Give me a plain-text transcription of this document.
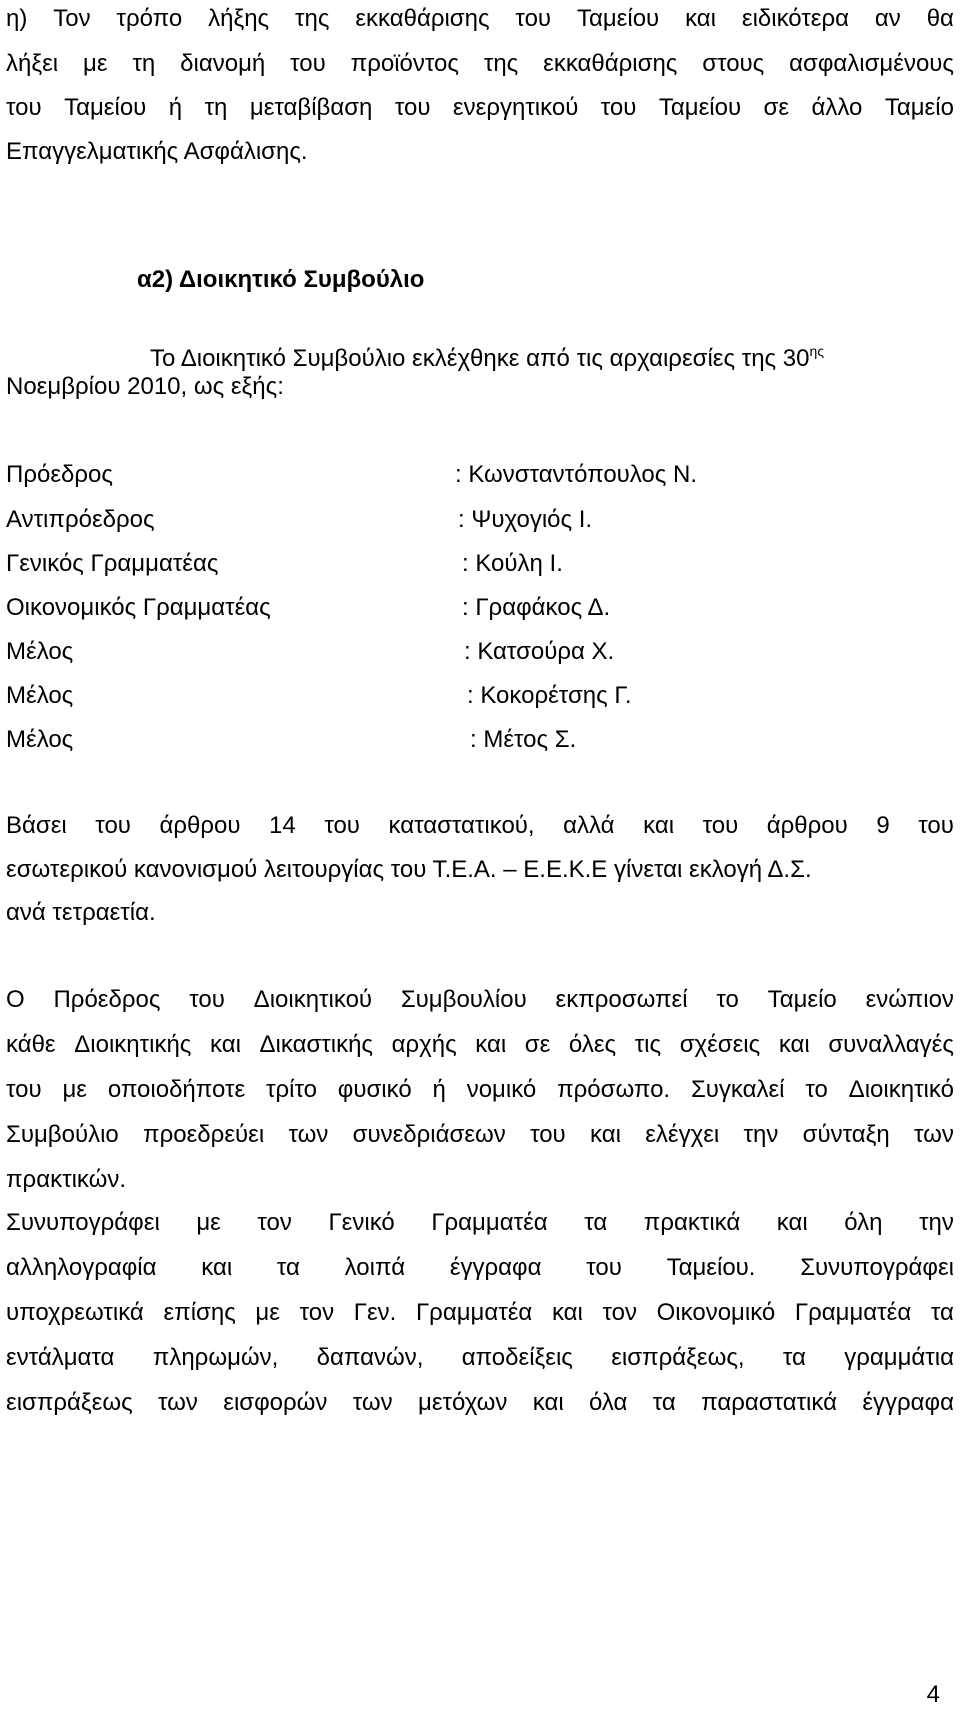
η) Τον τρόπο λήξης της εκκαθάρισης του Ταμείου και ειδικότερα αν θα
λήξει με τη διανομή του προϊόντος της εκκαθάρισης στους ασφαλισμένους
του Ταμείου ή τη μεταβίβαση του ενεργητικού του Ταμείου σε άλλο Ταμείο
Επαγγελματικής Ασφάλισης.
α2) Διοικητικό Συμβούλιο
Το Διοικητικό Συμβούλιο εκλέχθηκε από τις αρχαιρεσίες της $30^{\eta\varsigma}$
Νοεμβρίου 2010, ως εξής:
Πρόεδρος	: Κωνσταντόπουλος Ν.
Αντιπρόεδρος	: Ψυχογιός Ι.
Γενικός Γραμματέας	: Κούλη Ι.
Οικονομικός Γραμματέας	: Γραφάκος Δ.
Μέλος	: Κατσούρα Χ.
Μέλος	: Κοκορέτσης Γ.
Μέλος	: Μέτος Σ.
Βάσει του άρθρου 14 του καταστατικού, αλλά και του άρθρου 9 του
εσωτερικού κανονισμού λειτουργίας του Τ.Ε.Α. – Ε.Ε.Κ.Ε γίνεται εκλογή Δ.Σ.
ανά τετραετία.
Ο Πρόεδρος του Διοικητικού Συμβουλίου εκπροσωπεί το Ταμείο ενώπιον
κάθε Διοικητικής και Δικαστικής αρχής και σε όλες τις σχέσεις και συναλλαγές
του με οποιοδήποτε τρίτο φυσικό ή νομικό πρόσωπο. Συγκαλεί το Διοικητικό
Συμβούλιο προεδρεύει των συνεδριάσεων του και ελέγχει την σύνταξη των
πρακτικών.
Συνυπογράφει με τον Γενικό Γραμματέα τα πρακτικά και όλη την
αλληλογραφία και τα λοιπά έγγραφα του Ταμείου. Συνυπογράφει
υποχρεωτικά επίσης με τον Γεν. Γραμματέα και τον Οικονομικό Γραμματέα τα
εντάλματα πληρωμών, δαπανών, αποδείξεις εισπράξεως, τα γραμμάτια
εισπράξεως των εισφορών των μετόχων και όλα τα παραστατικά έγγραφα
4
